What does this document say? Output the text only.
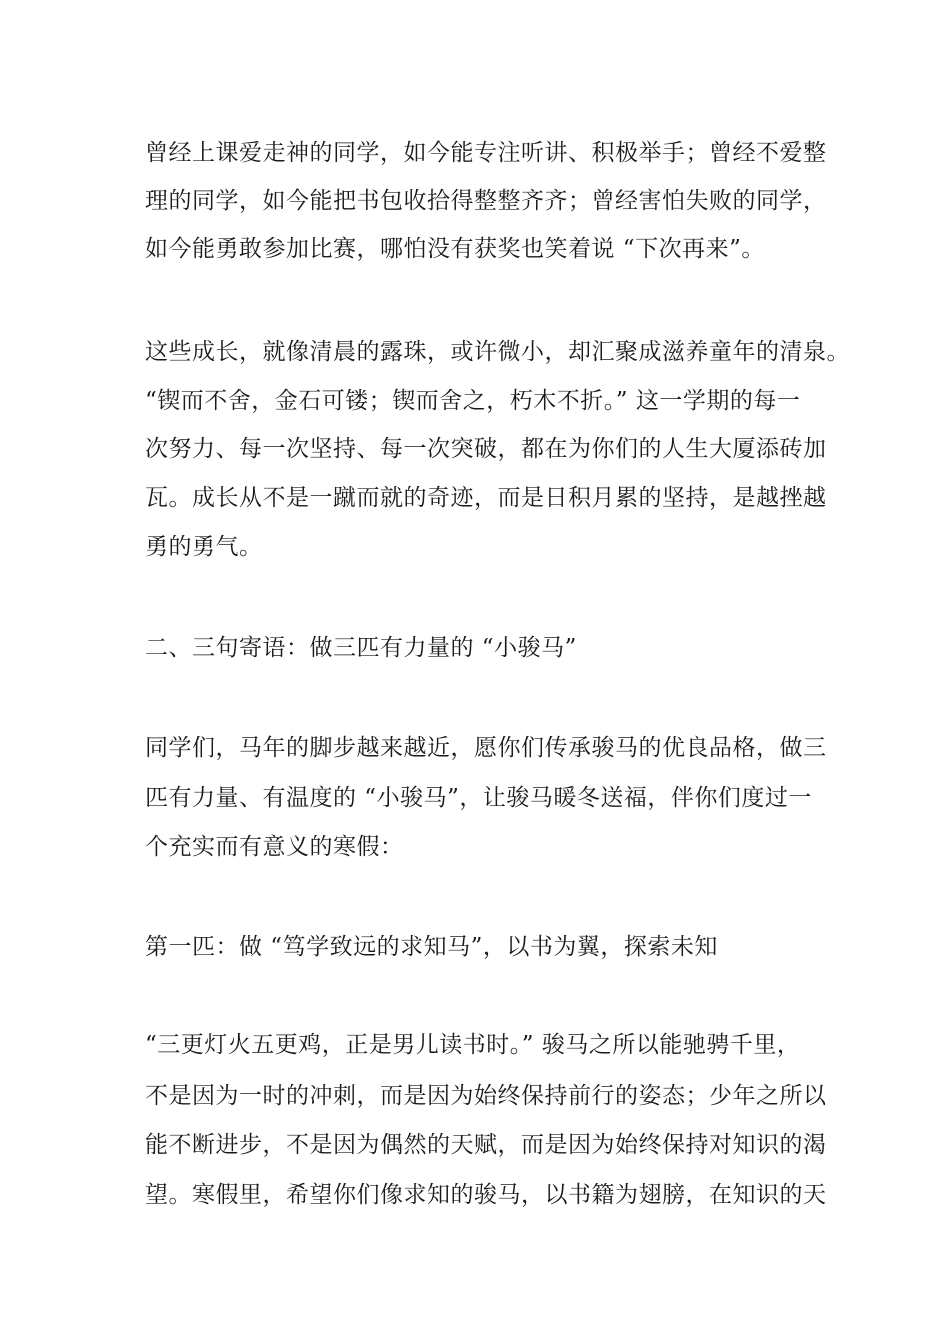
曾经上课爱走神的同学，如今能专注听讲、积极举手；曾经不爱整
理的同学，如今能把书包收拾得整整齐齐；曾经害怕失败的同学，
如今能勇敢参加比赛，哪怕没有获奖也笑着说 “下次再来”。
这些成长，就像清晨的露珠，或许微小，却汇聚成滋养童年的清泉。
“锲而不舍，金石可镂；锲而舍之，朽木不折。” 这一学期的每一
次努力、每一次坚持、每一次突破，都在为你们的人生大厦添砖加
瓦。成长从不是一蹴而就的奇迹，而是日积月累的坚持，是越挫越
勇的勇气。
二、三句寄语：做三匹有力量的 “小骏马”
同学们，马年的脚步越来越近，愿你们传承骏马的优良品格，做三
匹有力量、有温度的 “小骏马”，让骏马暖冬送福，伴你们度过一
个充实而有意义的寒假：
第一匹：做 “笃学致远的求知马”，以书为翼，探索未知
“三更灯火五更鸡，正是男儿读书时。” 骏马之所以能驰骋千里，
不是因为一时的冲刺，而是因为始终保持前行的姿态；少年之所以
能不断进步，不是因为偶然的天赋，而是因为始终保持对知识的渴
望。寒假里，希望你们像求知的骏马，以书籍为翅膀，在知识的天
